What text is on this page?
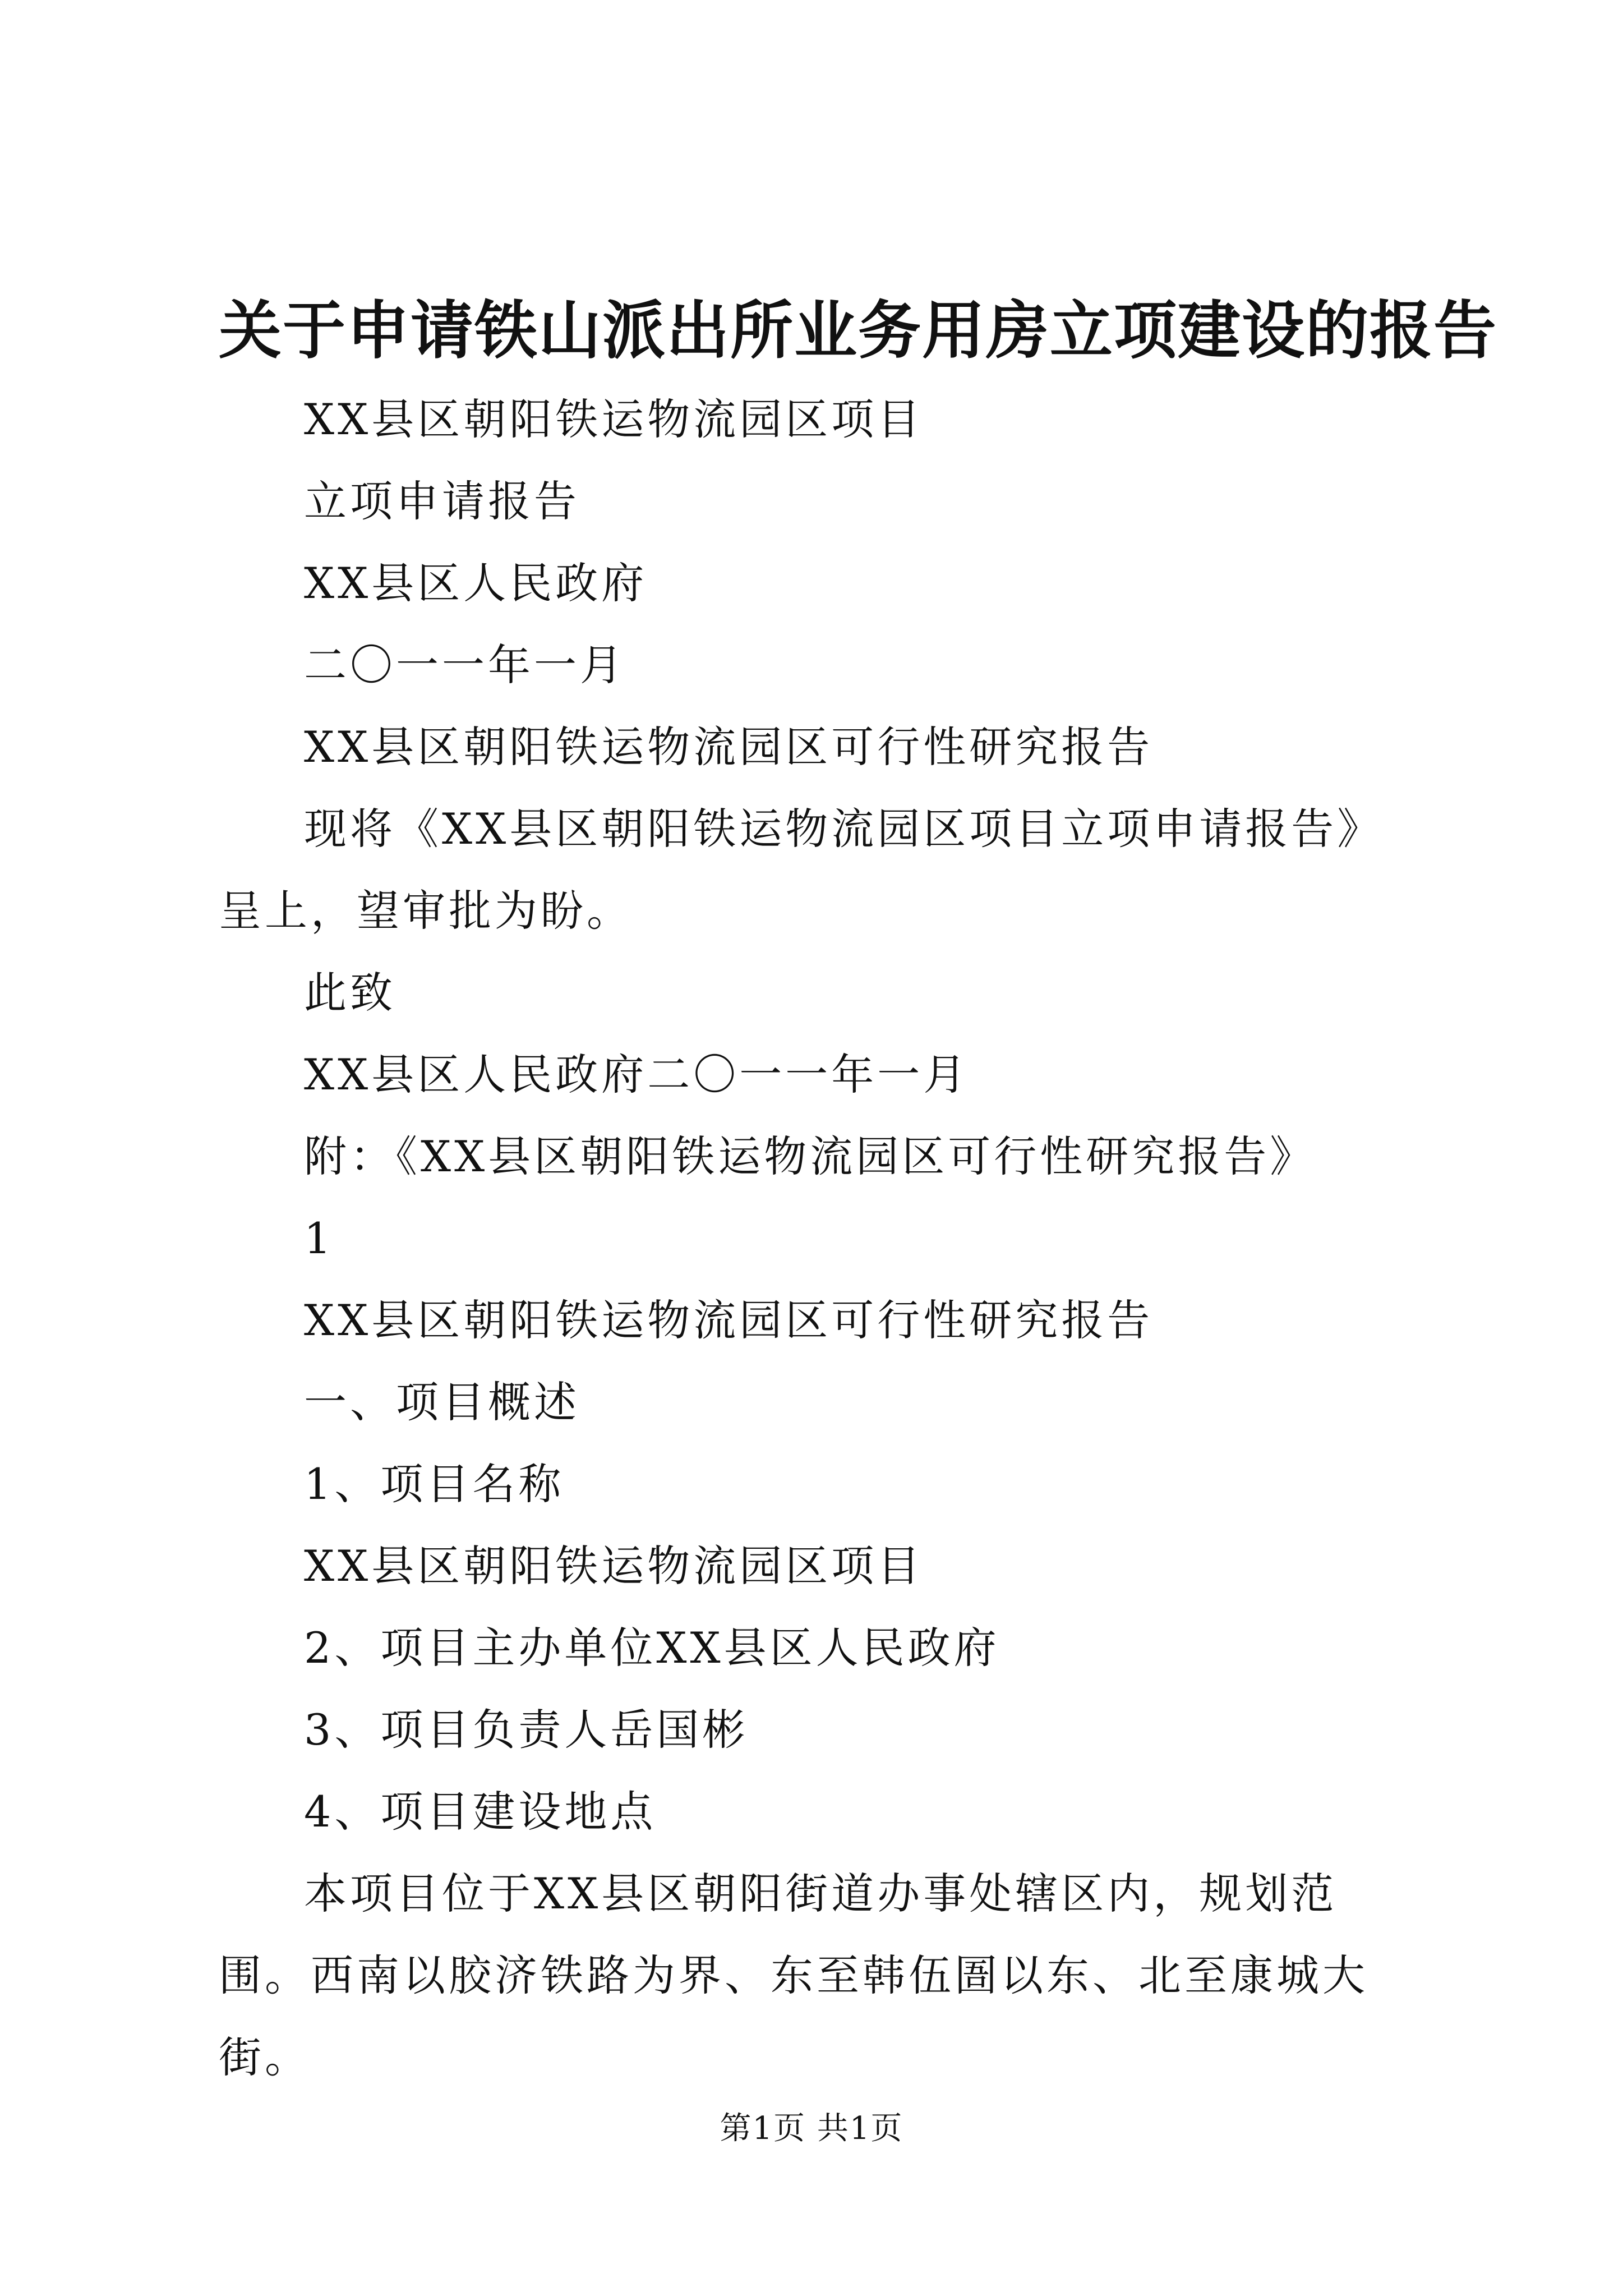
关于申请铁山派出所业务用房立项建设的报告

XX县区朝阳铁运物流园区项目

立项申请报告

XX县区人民政府

二〇一一年一月

XX县区朝阳铁运物流园区可行性研究报告

现将《XX县区朝阳铁运物流园区项目立项申请报告》呈上，望审批为盼。

此致

XX县区人民政府二〇一一年一月

附：《XX县区朝阳铁运物流园区可行性研究报告》

1

XX县区朝阳铁运物流园区可行性研究报告

一、项目概述

1、项目名称

XX县区朝阳铁运物流园区项目

2、项目主办单位XX县区人民政府

3、项目负责人岳国彬

4、项目建设地点

本项目位于XX县区朝阳街道办事处辖区内，规划范围。西南以胶济铁路为界、东至韩伍圄以东、北至康城大街。

第1页 共1页
